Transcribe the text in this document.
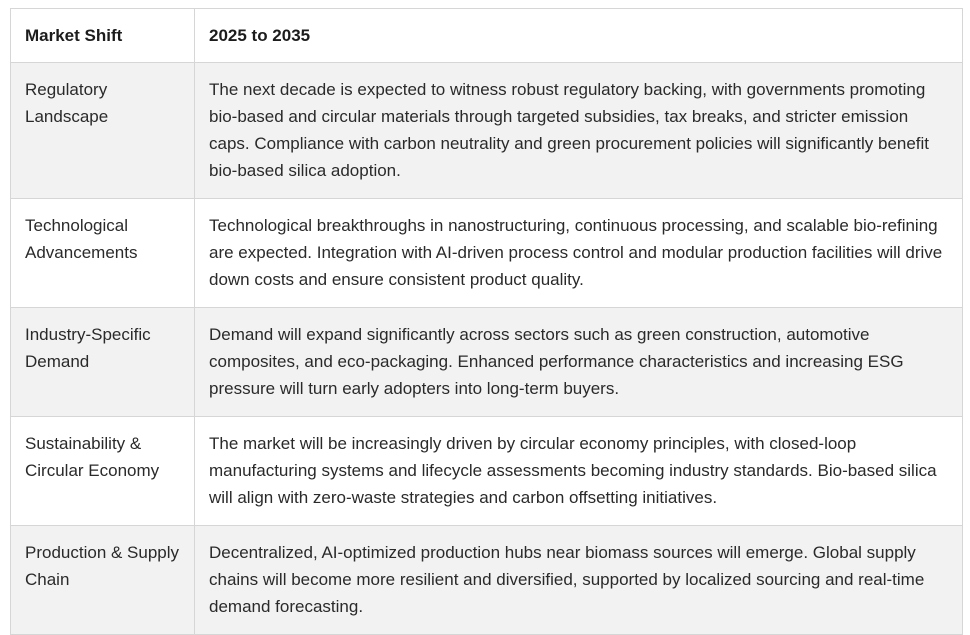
Market Shift	2025 to 2035
Regulatory Landscape	The next decade is expected to witness robust regulatory backing, with governments promoting bio-based and circular materials through targeted subsidies, tax breaks, and stricter emission caps. Compliance with carbon neutrality and green procurement policies will significantly benefit bio-based silica adoption.
Technological Advancements	Technological breakthroughs in nanostructuring, continuous processing, and scalable bio-refining are expected. Integration with AI-driven process control and modular production facilities will drive down costs and ensure consistent product quality.
Industry-Specific Demand	Demand will expand significantly across sectors such as green construction, automotive composites, and eco-packaging. Enhanced performance characteristics and increasing ESG pressure will turn early adopters into long-term buyers.
Sustainability & Circular Economy	The market will be increasingly driven by circular economy principles, with closed-loop manufacturing systems and lifecycle assessments becoming industry standards. Bio-based silica will align with zero-waste strategies and carbon offsetting initiatives.
Production & Supply Chain	Decentralized, AI-optimized production hubs near biomass sources will emerge. Global supply chains will become more resilient and diversified, supported by localized sourcing and real-time demand forecasting.
